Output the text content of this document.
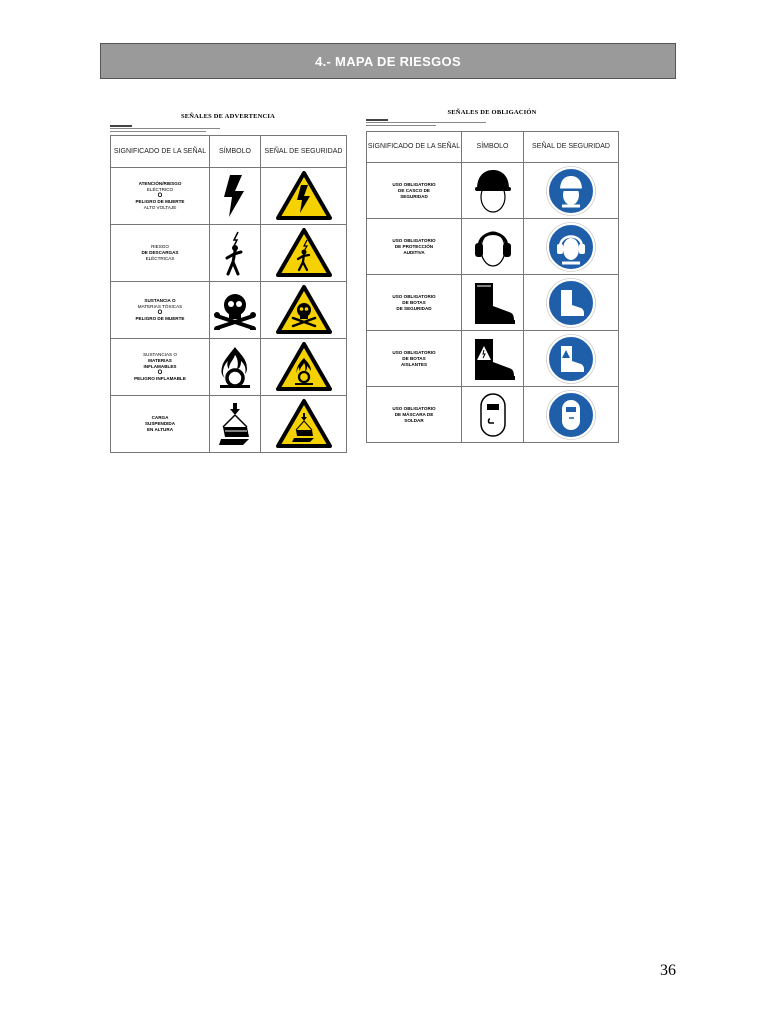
4.- MAPA DE RIESGOS
SEÑALES DE ADVERTENCIA
SIGNIFICADO DE LA SEÑAL	SÍMBOLO	SEÑAL DE SEGURIDAD

ATENCIÓN/RIESGO
ELÉCTRICO
O
PELIGRO DE MUERTE
ALTO VOLTAJE

RIESGO
DE DESCARGAS
ELÉCTRICAS

SUSTANCIA O
MATERIAS TÓXICAS
O
PELIGRO DE MUERTE

SUSTANCIAS O
MATERIAS
INFLAMABLES
O
PELIGRO INFLAMABLE

CARGA
SUSPENDIDA
EN ALTURA

SEÑALES DE OBLIGACIÓN
SIGNIFICADO DE LA SEÑAL	SÍMBOLO	SEÑAL DE SEGURIDAD

USO OBLIGATORIO
DE CASCO DE
SEGURIDAD

USO OBLIGATORIO
DE PROTECCIÓN
AUDITIVA

USO OBLIGATORIO
DE BOTAS
DE SEGURIDAD

USO OBLIGATORIO
DE BOTAS
AISLANTES

USO OBLIGATORIO
DE MÁSCARA DE
SOLDAR

36
